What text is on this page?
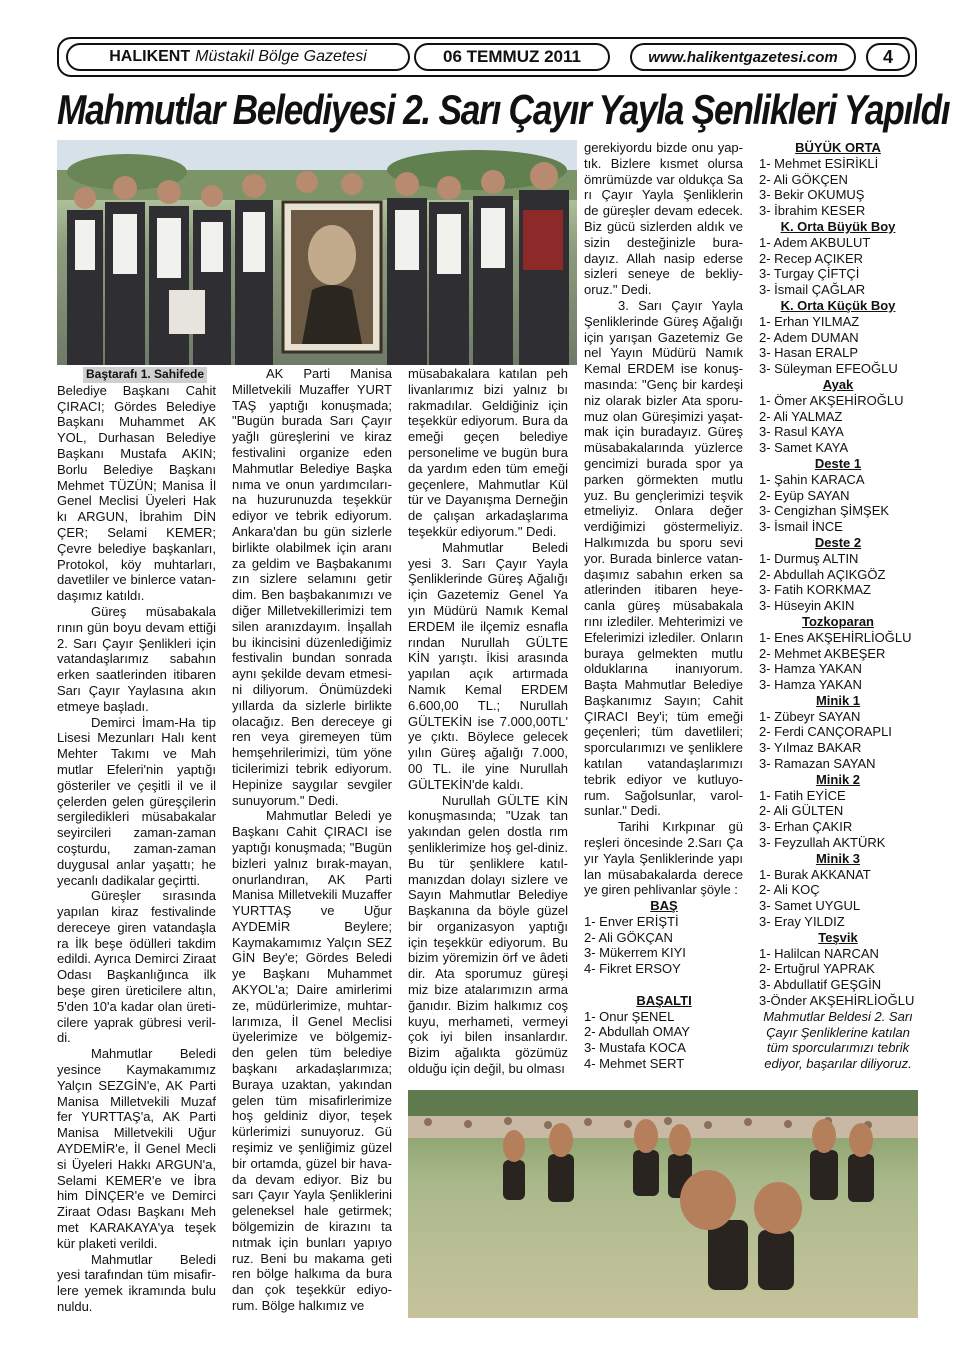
HALIKENT Müstakil Bölge Gazetesi	06 TEMMUZ 2011	www.halikentgazetesi.com	4
Mahmutlar Belediyesi 2. Sarı Çayır Yayla Şenlikleri Yapıldı

Baştarafı 1. Sahifede

Belediye Başkanı Cahit ÇIRACI; Gördes Belediye Başkanı Muhammet AK YOL, Durhasan Belediye Başkanı Mustafa AKIN; Borlu Belediye Başkanı Mehmet TÜZÜN; Manisa İl Genel Meclisi Üyeleri Hak kı ARGUN, İbrahim DİN ÇER; Selami KEMER; Çevre belediye başkanları, Protokol, köy muhtarları, davetliler ve binlerce vatan-daşımız katıldı.

Güreş müsabakala rının gün boyu devam ettiği 2. Sarı Çayır Şenlikleri için vatandaşlarımız sabahın erken saatlerinden itibaren Sarı Çayır Yaylasına akın etmeye başladı.

Demirci İmam-Ha tip Lisesi Mezunları Halı kent Mehter Takımı ve Mah mutlar Efeleri'nin yaptığı gösteriler ve çeşitli il ve il çelerden gelen güreşçilerin sergiledikleri müsabakalar seyircileri zaman-zaman coşturdu, zaman-zaman duygusal anlar yaşattı; he yecanlı dadikalar geçirtti.

Güreşler sırasında yapılan kiraz festivalinde dereceye giren vatandaşla ra İlk beşe ödülleri takdim edildi. Ayrıca Demirci Ziraat Odası Başkanlığınca ilk beşe giren üreticilere altın, 5'den 10'a kadar olan üreti-cilere yaprak gübresi veril-di.

Mahmutlar Beledi yesince Kaymakamımız Yalçın SEZGİN'e, AK Parti Manisa Milletvekili Muzaf fer YURTTAŞ'a, AK Parti Manisa Milletvekili Uğur AYDEMİR'e, İl Genel Mecli si Üyeleri Hakkı ARGUN'a, Selami KEMER'e ve İbra him DİNÇER'e ve Demirci Ziraat Odası Başkanı Meh met KARAKAYA'ya teşek kür plaketi verildi.

Mahmutlar Beledi yesi tarafından tüm misafir-lere yemek ikramında bulu nuldu.

AK Parti Manisa Milletvekili Muzaffer YURT TAŞ yaptığı konuşmada; "Bugün burada Sarı Çayır yağlı güreşlerini ve kiraz festivalini organize eden Mahmutlar Belediye Başka nıma ve onun yardımcıları-na huzurunuzda teşekkür ediyor ve tebrik ediyorum. Ankara'dan bu gün sizlerle birlikte olabilmek için aranı za geldim ve Başbakanımı zın sizlere selamını getir dim. Ben başbakanımızı ve diğer Milletvekillerimizi tem silen aranızdayım. İnşallah bu ikincisini düzenlediğimiz festivalin bundan sonrada aynı şekilde devam etmesi-ni diliyorum. Önümüzdeki yıllarda da sizlerle birlikte olacağız. Ben dereceye gi ren veya giremeyen tüm hemşehrilerimizi, tüm yöne ticilerimizi tebrik ediyorum. Hepinize saygılar sevgiler sunuyorum." Dedi.

Mahmutlar Beledi ye Başkanı Cahit ÇIRACI ise yaptığı konuşmada; "Bugün bizleri yalnız bırak-mayan, onurlandıran, AK Parti Manisa Milletvekili Muzaffer YURTTAŞ ve Uğur AYDEMİR Beylere; Kaymakamımız Yalçın SEZ GİN Bey'e; Gördes Beledi ye Başkanı Muhammet AKYOL'a; Daire amirlerimi ze, müdürlerimize, muhtar-larımıza, İl Genel Meclisi üyelerimize ve bölgemiz-den gelen tüm belediye başkanı arkadaşlarımıza; Buraya uzaktan, yakından gelen tüm misafirlerimize hoş geldiniz diyor, teşek kürlerimizi sunuyoruz. Gü reşimiz ve şenliğimiz güzel bir ortamda, güzel bir hava-da devam ediyor. Biz bu sarı Çayır Yayla Şenliklerini geleneksel hale getirmek; bölgemizin de kirazını ta nıtmak için bunları yapıyo ruz. Beni bu makama geti ren bölge halkıma da bura dan çok teşekkür ediyo-rum. Bölge halkımız ve

müsabakalara katılan peh livanlarımız bizi yalnız bı rakmadılar. Geldiğiniz için teşekkür ediyorum. Bura da emeği geçen belediye personelime ve bugün bura da yardım eden tüm emeği geçenlere, Mahmutlar Kül tür ve Dayanışma Derneğin de çalışan arkadaşlarıma teşekkür ediyorum." Dedi.

Mahmutlar Beledi yesi 3. Sarı Çayır Yayla Şenliklerinde Güreş Ağalığı için Gazetemiz Genel Ya yın Müdürü Namık Kemal ERDEM ile ilçemiz esnafla rından Nurullah GÜLTE KİN yarıştı. İkisi arasında yapılan açık artırmada Namık Kemal ERDEM 6.600,00 TL.; Nurullah GÜLTEKİN ise 7.000,00TL' ye çıktı. Böylece gelecek yılın Güreş ağalığı 7.000, 00 TL. ile yine Nurullah GÜLTEKİN'de kaldı.

Nurullah GÜLTE KİN konuşmasında; "Uzak tan yakından gelen dostla rım şenliklerimize hoş gel-diniz. Bu tür şenliklere katıl-manızdan dolayı sizlere ve Sayın Mahmutlar Belediye Başkanına da böyle güzel bir organizasyon yaptığı için teşekkür ediyorum. Bu bizim yöremizin örf ve âdeti dir. Ata sporumuz güreşi miz bize atalarımızın arma ğanıdır. Bizim halkımız coş kuyu, merhameti, vermeyi çok iyi bilen insanlardır. Bizim ağalıkta gözümüz olduğu için değil, bu olması

gerekiyordu bizde onu yap-tık. Bizlere kısmet olursa ömrümüzde var oldukça Sa rı Çayır Yayla Şenliklerin de güreşler devam edecek. Biz gücü sizlerden aldık ve sizin desteğinizle bura-dayız. Allah nasip ederse sizleri seneye de bekliy-oruz." Dedi.

3. Sarı Çayır Yayla Şenliklerinde Güreş Ağalığı için yarışan Gazetemiz Ge nel Yayın Müdürü Namık Kemal ERDEM ise konuş-masında: "Genç bir kardeşi niz olarak bizler Ata sporu-muz olan Güreşimizi yaşat-mak için buradayız. Güreş müsabakalarında yüzlerce gencimizi burada spor ya parken görmekten mutlu yuz. Bu gençlerimizi teşvik etmeliyiz. Onlara değer verdiğimizi göstermeliyiz. Halkımızda bu sporu sevi yor. Burada binlerce vatan-daşımız sabahın erken sa atlerinden itibaren heye-canla güreş müsabakala rını izlediler. Mehterimizi ve Efelerimizi izlediler. Onların buraya gelmekten mutlu olduklarına inanıyorum. Başta Mahmutlar Belediye Başkanımız Sayın; Cahit ÇIRACI Bey'i; tüm emeği geçenleri; tüm davetlileri; sporcularımızı ve şenliklere katılan vatandaşlarımızı tebrik ediyor ve kutluyo-rum. Sağolsunlar, varol-sunlar." Dedi.

Tarihi Kırkpınar gü reşleri öncesinde 2.Sarı Ça yır Yayla Şenliklerinde yapı lan müsabakalarda derece ye giren pehlivanlar şöyle :

BAŞ
1- Enver ERİŞTİ
2- Ali GÖKÇAN
3- Mükerrem KIYI
4- Fikret ERSOY
BAŞALTI
1- Onur ŞENEL
2- Abdullah OMAY
3- Mustafa KOCA
4- Mehmet SERT
BÜYÜK ORTA
1- Mehmet ESİRİKLİ
2- Ali GÖKÇEN
3- Bekir OKUMUŞ
3- İbrahim KESER
K. Orta Büyük Boy
1- Adem AKBULUT
2- Recep AÇIKER
3- Turgay ÇİFTÇİ
3- İsmail ÇAĞLAR
K. Orta Küçük Boy
1- Erhan YILMAZ
2- Adem DUMAN
3- Hasan ERALP
3- Süleyman EFEOĞLU
Ayak
1- Ömer AKŞEHİROĞLU
2- Ali YALMAZ
3- Rasul KAYA
3- Samet KAYA
Deste 1
1- Şahin KARACA
2- Eyüp SAYAN
3- Cengizhan ŞİMŞEK
3- İsmail İNCE
Deste 2
1- Durmuş ALTIN
2- Abdullah AÇIKGÖZ
3- Fatih KORKMAZ
3- Hüseyin AKIN
Tozkoparan
1- Enes AKŞEHİRLİOĞLU
2- Mehmet AKBEŞER
3- Hamza YAKAN
3- Hamza YAKAN
Minik 1
1- Zübeyr SAYAN
2- Ferdi CANÇORAPLI
3- Yılmaz BAKAR
3- Ramazan SAYAN
Minik 2
1- Fatih EYİCE
2- Ali GÜLTEN
3- Erhan ÇAKIR
3- Feyzullah AKTÜRK
Minik 3
1- Burak AKKANAT
2- Ali KOÇ
3- Samet UYGUL
3- Eray YILDIZ
Teşvik
1- Halilcan NARCAN
2- Ertuğrul YAPRAK
3- Abdullatif GEŞGİN
3-Önder AKŞEHİRLİOĞLU
Mahmutlar Beldesi 2. Sarı Çayır Şenliklerine katılan tüm sporcularımızı tebrik ediyor, başarılar diliyoruz.
